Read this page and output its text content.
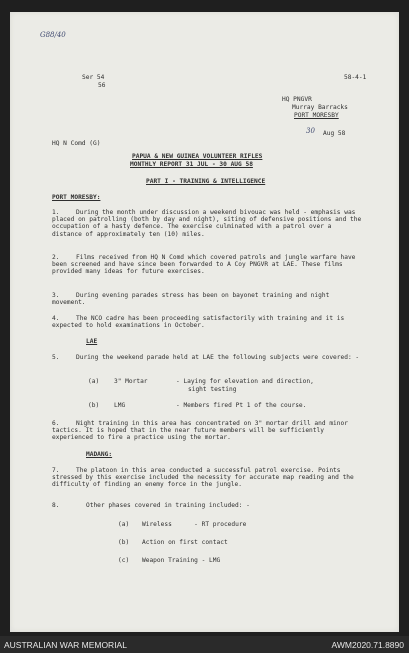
G88/40
Ser 54
56
58-4-1
HQ PNGVR
Murray Barracks
PORT MORESBY
30 Aug 58
HQ N Comd (G)
PAPUA & NEW GUINEA VOLUNTEER RIFLES
MONTHLY REPORT 31 JUL - 30 AUG 58
PART I - TRAINING & INTELLIGENCE
PORT MORESBY:
1.	During the month under discussion a weekend bivouac was held - emphasis was placed on patrolling (both by day and night), siting of defensive positions and the occupation of a hasty defence. The exercise culminated with a patrol over a distance of approximately ten (10) miles.
2.	Films received from HQ N Comd which covered patrols and jungle warfare have been screened and have since been forwarded to A Coy PNGVR at LAE. These films provided many ideas for future exercises.
3.	During evening parades stress has been on bayonet training and night movement.
4.	The NCO cadre has been proceeding satisfactorily with training and it is expected to hold examinations in October.
LAE
5.	During the weekend parade held at LAE the following subjects were covered: -
(a) 3" Mortar	- Laying for elevation and direction,
sight testing
(b) LMG	- Members fired Pt 1 of the course.
6.	Night training in this area has concentrated on 3" mortar drill and minor tactics. It is hoped that in the near future members will be sufficiently experienced to fire a practice using the mortar.
MADANG:
7.	The platoon in this area conducted a successful patrol exercise. Points stressed by this exercise included the necessity for accurate map reading and the difficulty of finding an enemy force in the jungle.
8.	Other phases covered in training included: -
(a) Wireless      - RT procedure
(b) Action on first contact
(c) Weapon Training - LMG
AUSTRALIAN WAR MEMORIAL	AWM2020.71.8890
